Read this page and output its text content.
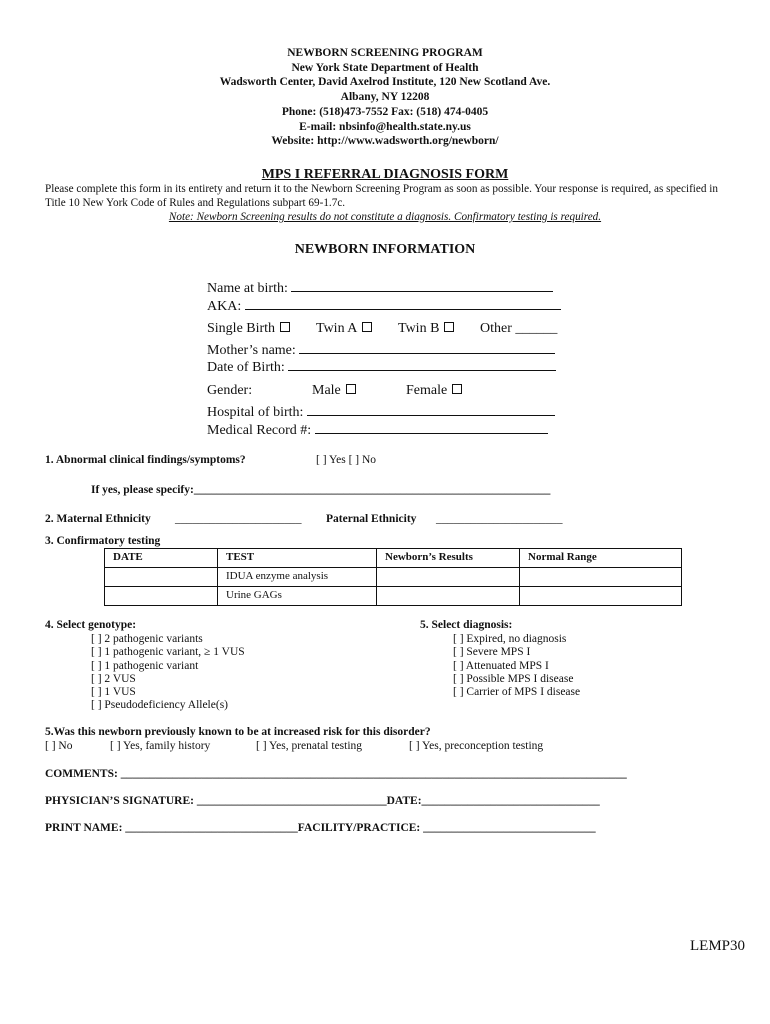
NEWBORN SCREENING PROGRAM
New York State Department of Health
Wadsworth Center, David Axelrod Institute, 120 New Scotland Ave.
Albany, NY 12208
Phone: (518)473-7552 Fax: (518) 474-0405
E-mail: nbsinfo@health.state.ny.us
Website: http://www.wadsworth.org/newborn/
MPS I REFERRAL DIAGNOSIS FORM
Please complete this form in its entirety and return it to the Newborn Screening Program as soon as possible. Your response is required, as specified in Title 10 New York Code of Rules and Regulations subpart 69-1.7c.
Note: Newborn Screening results do not constitute a diagnosis. Confirmatory testing is required.
NEWBORN INFORMATION
Name at birth:
AKA:
Single Birth	Twin A	Twin B	Other ______
Mother’s name:
Date of Birth:
Gender:	Male	Female
Hospital of birth:
Medical Record #:
1. Abnormal clinical findings/symptoms?	[ ] Yes [ ] No
If yes, please specify:______________________________________________________________
2. Maternal Ethnicity ______________________ Paternal Ethnicity ______________________
3. Confirmatory testing
DATE	TEST	Newborn’s Results	Normal Range
	IDUA enzyme analysis		
	Urine GAGs		
4. Select genotype:
[ ] 2 pathogenic variants
[ ] 1 pathogenic variant, ≥ 1 VUS
[ ] 1 pathogenic variant
[ ] 2 VUS
[ ] 1 VUS
[ ] Pseudodeficiency Allele(s)
5. Select diagnosis:
[ ] Expired, no diagnosis
[ ] Severe MPS I
[ ] Attenuated MPS I
[ ] Possible MPS I disease
[ ] Carrier of MPS I disease
5.Was this newborn previously known to be at increased risk for this disorder?
[ ] No	[ ] Yes, family history	[ ] Yes, prenatal testing	[ ] Yes, preconception testing
COMMENTS: ________________________________________________________________________________________
PHYSICIAN’S SIGNATURE: _________________________________DATE:_______________________________
PRINT NAME: ______________________________FACILITY/PRACTICE: ______________________________
LEMP30
